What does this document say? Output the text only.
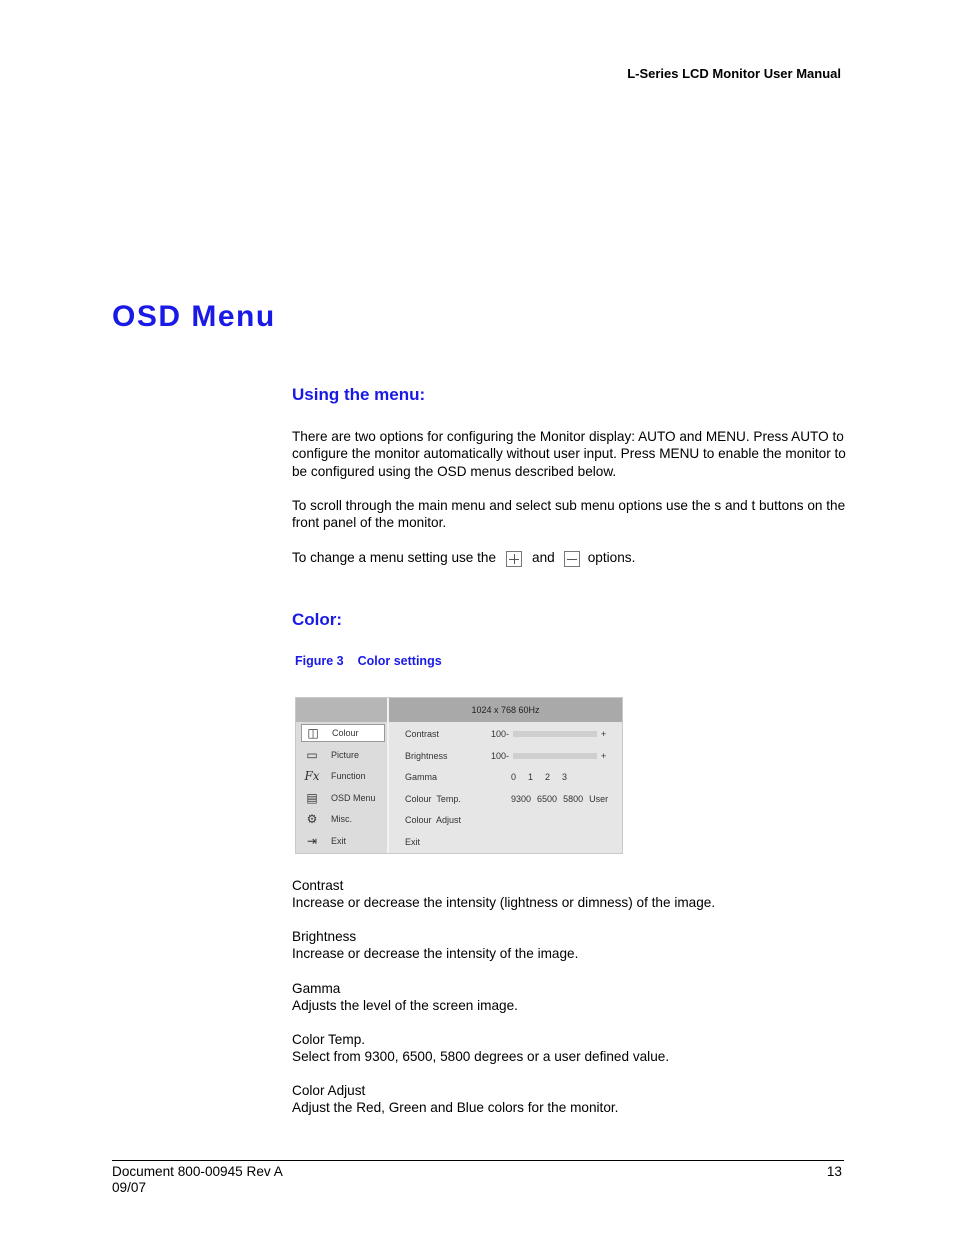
L-Series LCD Monitor User Manual
OSD Menu
Using the menu:

There are two options for configuring the Monitor display: AUTO and MENU. Press AUTO to configure the monitor automatically without user input. Press MENU to enable the monitor to be configured using the OSD menus described below.

To scroll through the main menu and select sub menu options use the s and t buttons on the front panel of the monitor.

To change a menu setting use the	and options.
Color:
Figure 3 Color settings
◫	Colour
▭	Picture
Fx	Function
▤	OSD Menu
⚙	Misc.
⇥	Exit
1024 x 768 60Hz
Contrast	100-	+
Brightness	100-	+
Gamma	0 1 2 3
Colour  Temp.	9300 6500 5800 User
Colour  Adjust
Exit
Contrast
Increase or decrease the intensity (lightness or dimness) of the image.
Brightness
Increase or decrease the intensity of the image.
Gamma
Adjusts the level of the screen image.
Color Temp.
Select from 9300, 6500, 5800 degrees or a user defined value.
Color Adjust
Adjust the Red, Green and Blue colors for the monitor.
Document 800-00945 Rev A
09/07
13
